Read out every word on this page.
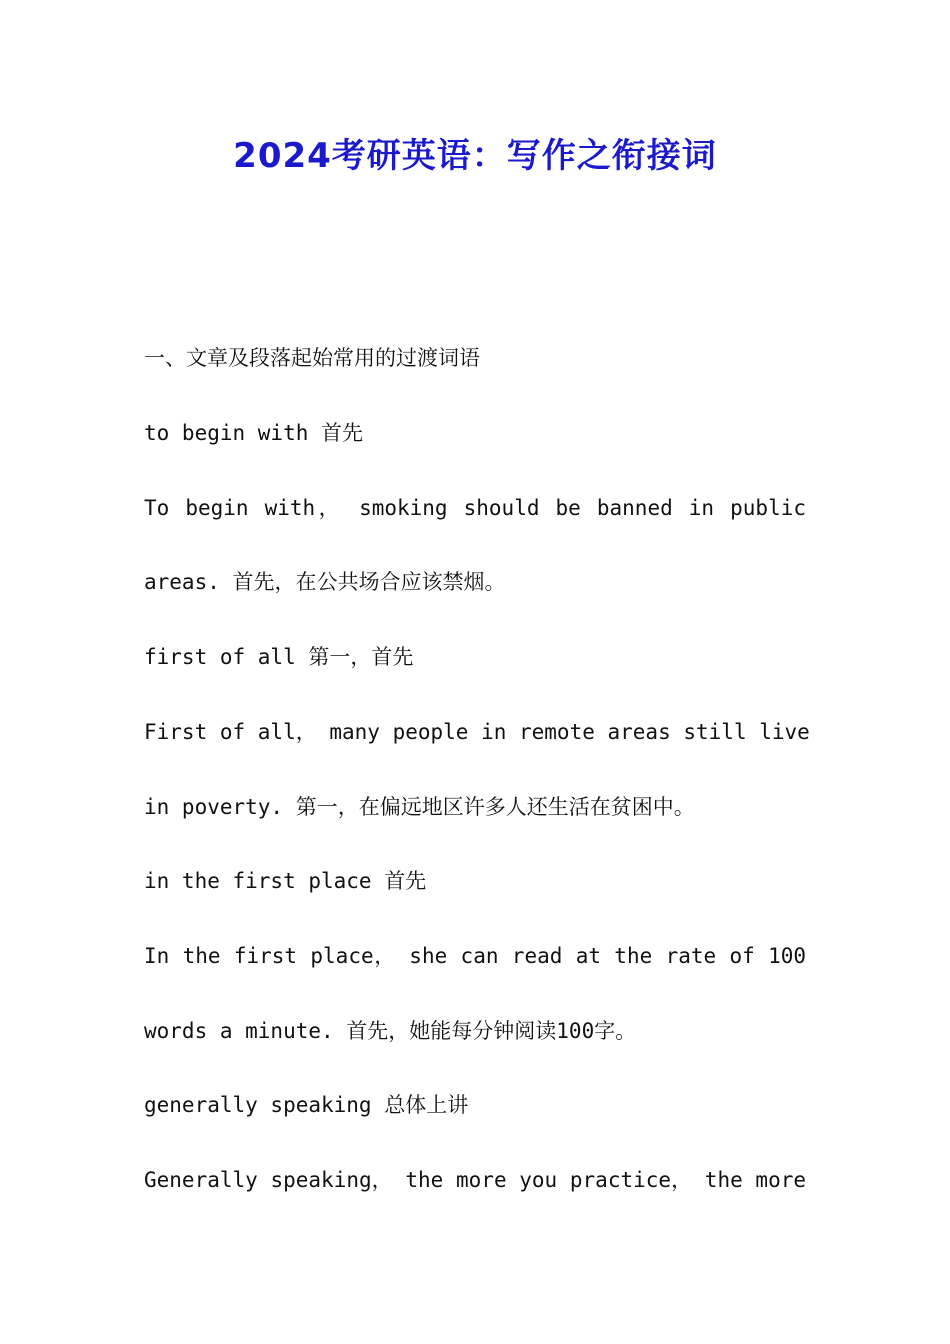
2024考研英语：写作之衔接词
一、文章及段落起始常用的过渡词语
to begin with 首先
To begin with， smoking should be banned in public
areas. 首先，在公共场合应该禁烟。
first of all 第一，首先
First of all， many people in remote areas still live
in poverty. 第一，在偏远地区许多人还生活在贫困中。
in the first place 首先
In the first place， she can read at the rate of 100
words a minute. 首先，她能每分钟阅读100字。
generally speaking 总体上讲
Generally speaking， the more you practice， the more
